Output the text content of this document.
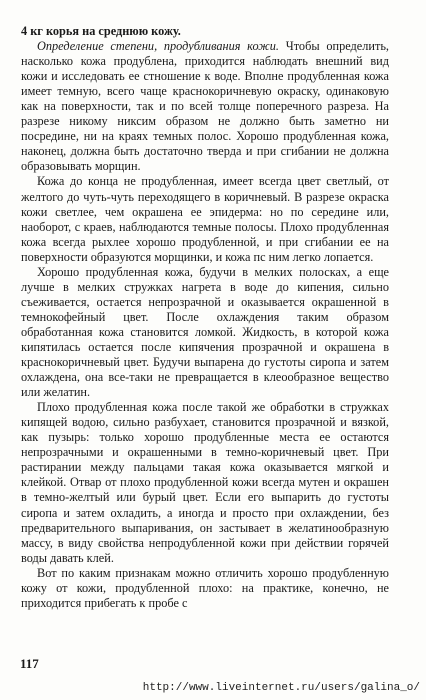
4 кг корья на среднюю кожу.

Определение степени, продубливания кожи. Чтобы определить, насколько кожа продублена, приходится наблюдать внешний вид кожи и исследовать ее стношение к воде. Вполне продубленная кожа имеет темную, всего чаще краснокоричневую окраску, одинаковую как на поверхности, так и по всей толще поперечного разреза. На разрезе никому никсим образом не должно быть заметно ни посредине, ни на краях темных полос. Хорошо продубленная кожа, наконец, должна быть достаточно тверда и при сгибании не должна образовывать морщин.

Кожа до конца не продубленная, имеет всегда цвет светлый, от желтого до чуть-чуть переходящего в коричневый. В разрезе окраска кожи светлее, чем окрашена ее эпидерма: но по середине или, наоборот, с краев, наблюдаются темные полосы. Плохо продубленная кожа всегда рыхлее хорошо продубленной, и при сгибании ее на поверхности образуются морщинки, и кожа пс ним легко лопается.

Хорошо продубленная кожа, будучи в мелких полосках, а еще лучше в мелких стружках нагрета в воде до кипения, сильно съеживается, остается непрозрачной и оказывается окрашенной в темнокофейный цвет. После охлаждения таким образом обработанная кожа становится ломкой. Жидкость, в которой кожа кипятилась остается после кипячения прозрачной и окрашена в краснокоричневый цвет. Будучи выпарена до густоты сиропа и затем охлаждена, она все-таки не превращается в клеообразное вещество или желатин.

Плохо продубленная кожа после такой же обработки в стружках кипящей водою, сильно разбухает, становится прозрачной и вязкой, как пузырь: только хорошо продубленные места ее остаются непрозрачными и окрашенными в темно-коричневый цвет. При растирании между пальцами такая кожа оказывается мягкой и клейкой. Отвар от плохо продубленной кожи всегда мутен и окрашен в темно-желтый или бурый цвет. Если его выпарить до густоты сиропа и затем охладить, а иногда и просто при охлаждении, без предварительного выпаривания, он застывает в желатинообразную массу, в виду свойства непродубленной кожи при действии горячей воды давать клей.

Вот по каким признакам можно отличить хорошо продубленную кожу от кожи, продубленной плохо: на практике, конечно, не приходится прибегать к пробе с

117
http://www.liveinternet.ru/users/galina_o/
